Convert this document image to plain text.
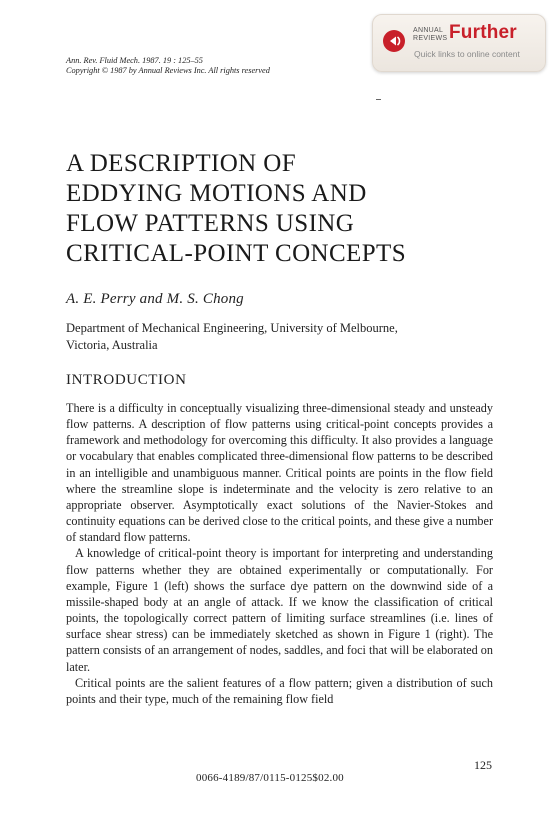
ANNUAL
REVIEWS Further
Quick links to online content
Ann. Rev. Fluid Mech. 1987. 19 : 125–55
Copyright © 1987 by Annual Reviews Inc. All rights reserved
A DESCRIPTION OF
EDDYING MOTIONS AND
FLOW PATTERNS USING
CRITICAL-POINT CONCEPTS
A. E. Perry and M. S. Chong
Department of Mechanical Engineering, University of Melbourne,
Victoria, Australia
INTRODUCTION

There is a difficulty in conceptually visualizing three-dimensional steady and unsteady flow patterns. A description of flow patterns using critical-point concepts provides a framework and methodology for overcoming this difficulty. It also provides a language or vocabulary that enables complicated three-dimensional flow patterns to be described in an intelligible and unambiguous manner. Critical points are points in the flow field where the streamline slope is indeterminate and the velocity is zero relative to an appropriate observer. Asymptotically exact solutions of the Navier-Stokes and continuity equations can be derived close to the critical points, and these give a number of standard flow patterns.

A knowledge of critical-point theory is important for interpreting and understanding flow patterns whether they are obtained experimentally or computationally. For example, Figure 1 (left) shows the surface dye pattern on the downwind side of a missile-shaped body at an angle of attack. If we know the classification of critical points, the topologically correct pattern of limiting surface streamlines (i.e. lines of surface shear stress) can be immediately sketched as shown in Figure 1 (right). The pattern consists of an arrangement of nodes, saddles, and foci that will be elaborated on later.

Critical points are the salient features of a flow pattern; given a distribution of such points and their type, much of the remaining flow field

125
0066-4189/87/0115-0125$02.00
